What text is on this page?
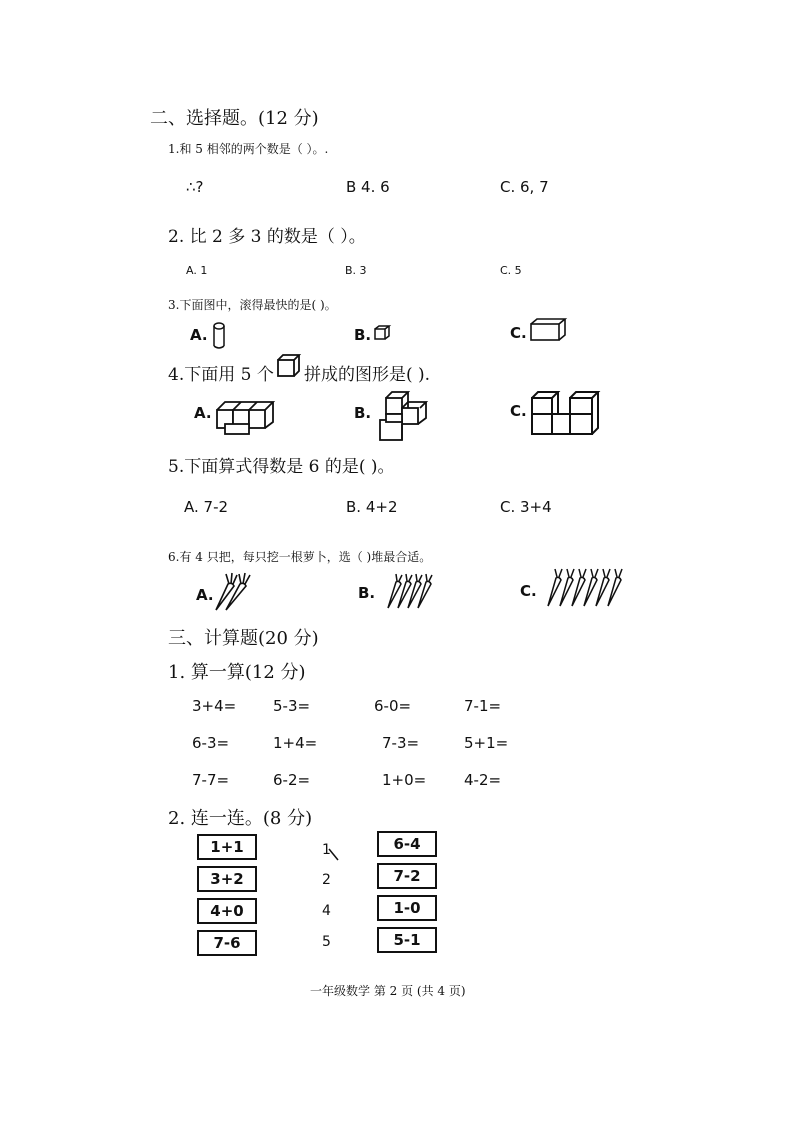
二、选择题。(12 分)
1.和 5 相邻的两个数是（ ）。.
∴?	B 4. 6	C. 6, 7
2. 比 2 多 3 的数是（ ）。
A. 1	B. 3	C. 5
3.下面图中，滚得最快的是( )。
A.	B.	C.
4.下面用 5 个 拼成的图形是( ).
A.	B.	C.
5.下面算式得数是 6 的是( )。
A. 7-2	B. 4+2	C. 3+4
6.有 4 只把，每只挖一根萝卜，选（ )堆最合适。
A.	B.	C.
三、计算题(20 分)
1. 算一算(12 分)
3+4= 5-3=	6-0=	7-1=
6-3=	1+4=	7-3=	5+1=
7-7=	6-2=	1+0=	4-2=
2. 连一连。(8 分)
1+1
3+2
4+0
7-6
1
2
4
5
6-4
7-2
1-0
5-1
一年级数学 第 2 页 (共 4 页)
